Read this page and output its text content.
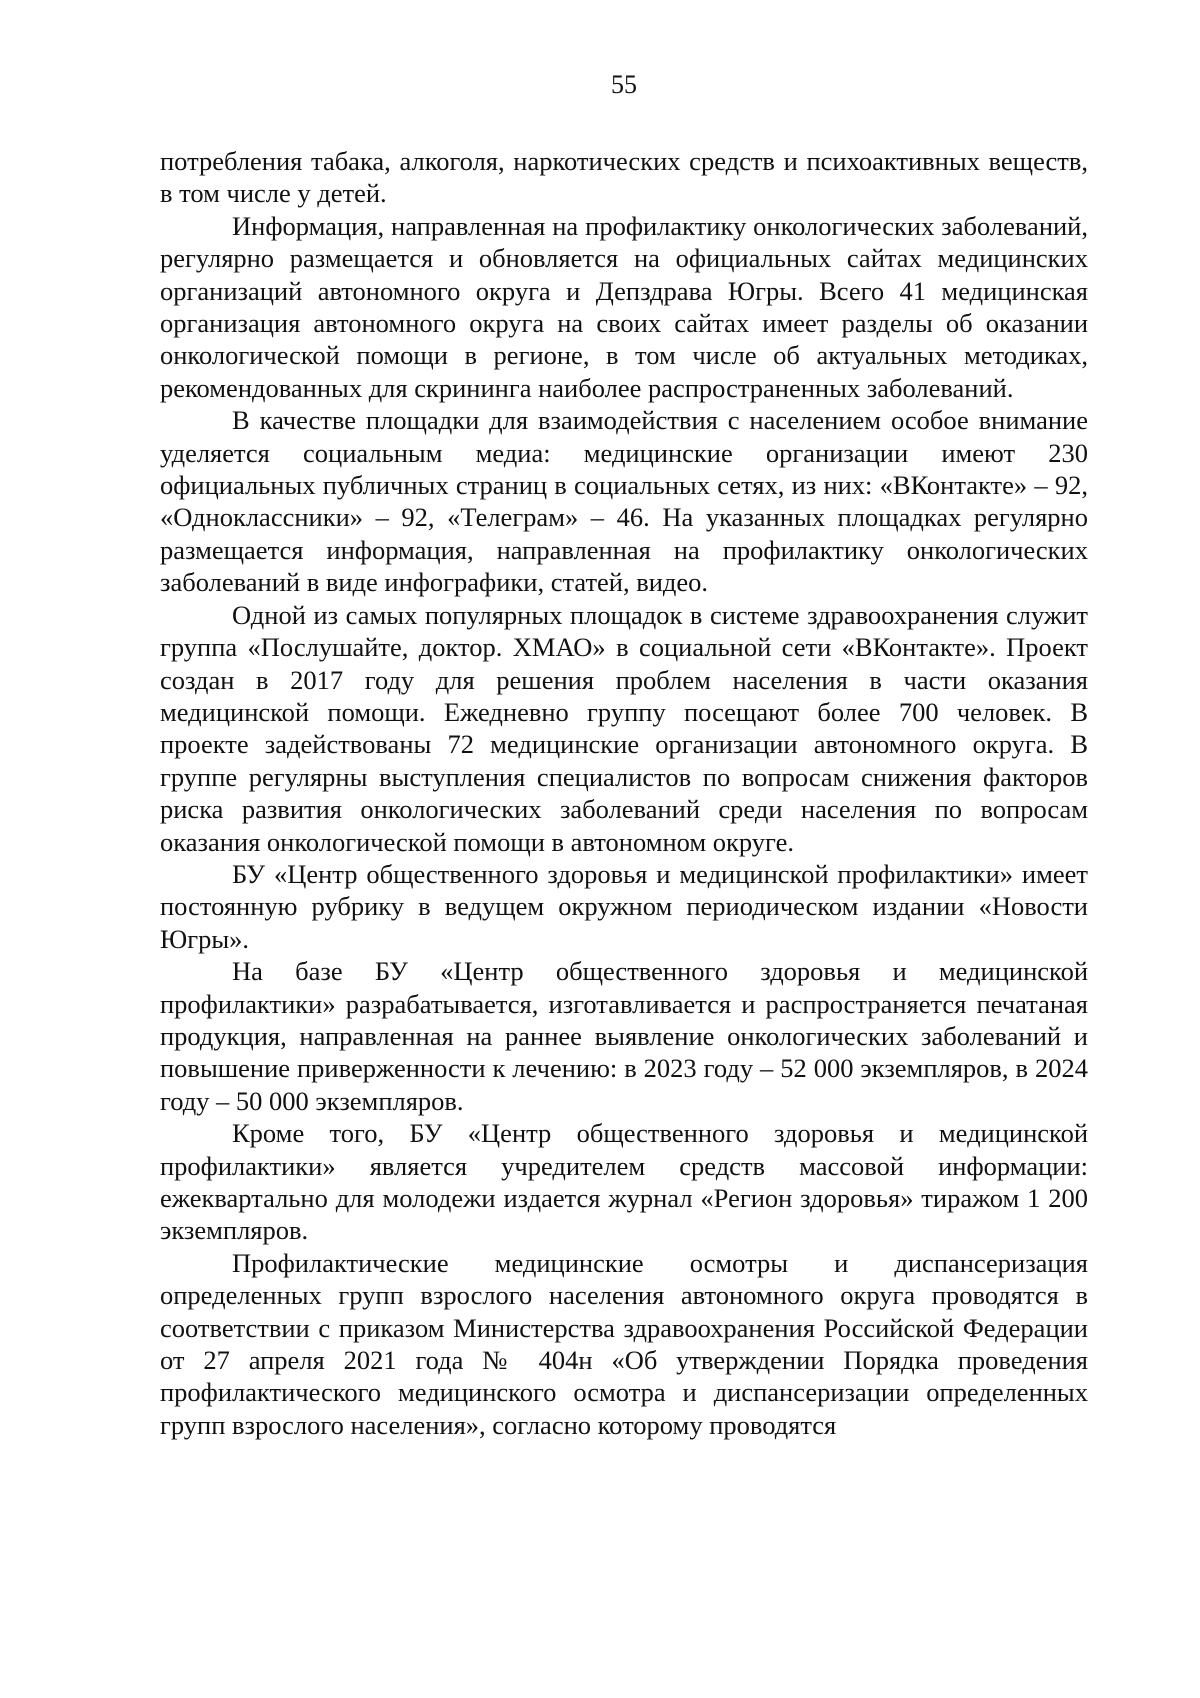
55

потребления табака, алкоголя, наркотических средств и психоактивных веществ, в том числе у детей.

Информация, направленная на профилактику онкологических заболеваний, регулярно размещается и обновляется на официальных сайтах медицинских организаций автономного округа и Депздрава Югры. Всего 41 медицинская организация автономного округа на своих сайтах имеет разделы об оказании онкологической помощи в регионе, в том числе об актуальных методиках, рекомендованных для скрининга наиболее распространенных заболеваний.

В качестве площадки для взаимодействия с населением особое внимание уделяется социальным медиа: медицинские организации имеют 230 официальных публичных страниц в социальных сетях, из них: «ВКонтакте» – 92, «Одноклассники» – 92, «Телеграм» – 46. На указанных площадках регулярно размещается информация, направленная на профилактику онкологических заболеваний в виде инфографики, статей, видео.

Одной из самых популярных площадок в системе здравоохранения служит группа «Послушайте, доктор. ХМАО» в социальной сети «ВКонтакте». Проект создан в 2017 году для решения проблем населения в части оказания медицинской помощи. Ежедневно группу посещают более 700 человек. В проекте задействованы 72 медицинские организации автономного округа. В группе регулярны выступления специалистов по вопросам снижения факторов риска развития онкологических заболеваний среди населения по вопросам оказания онкологической помощи в автономном округе.

БУ «Центр общественного здоровья и медицинской профилактики» имеет постоянную рубрику в ведущем окружном периодическом издании «Новости Югры».

На базе БУ «Центр общественного здоровья и медицинской профилактики» разрабатывается, изготавливается и распространяется печатаная продукция, направленная на раннее выявление онкологических заболеваний и повышение приверженности к лечению: в 2023 году – 52 000 экземпляров, в 2024 году – 50 000 экземпляров.

Кроме того, БУ «Центр общественного здоровья и медицинской профилактики» является учредителем средств массовой информации: ежеквартально для молодежи издается журнал «Регион здоровья» тиражом 1 200 экземпляров.

Профилактические медицинские осмотры и диспансеризация определенных групп взрослого населения автономного округа проводятся в соответствии с приказом Министерства здравоохранения Российской Федерации от 27 апреля 2021 года № 404н «Об утверждении Порядка проведения профилактического медицинского осмотра и диспансеризации определенных групп взрослого населения», согласно которому проводятся
